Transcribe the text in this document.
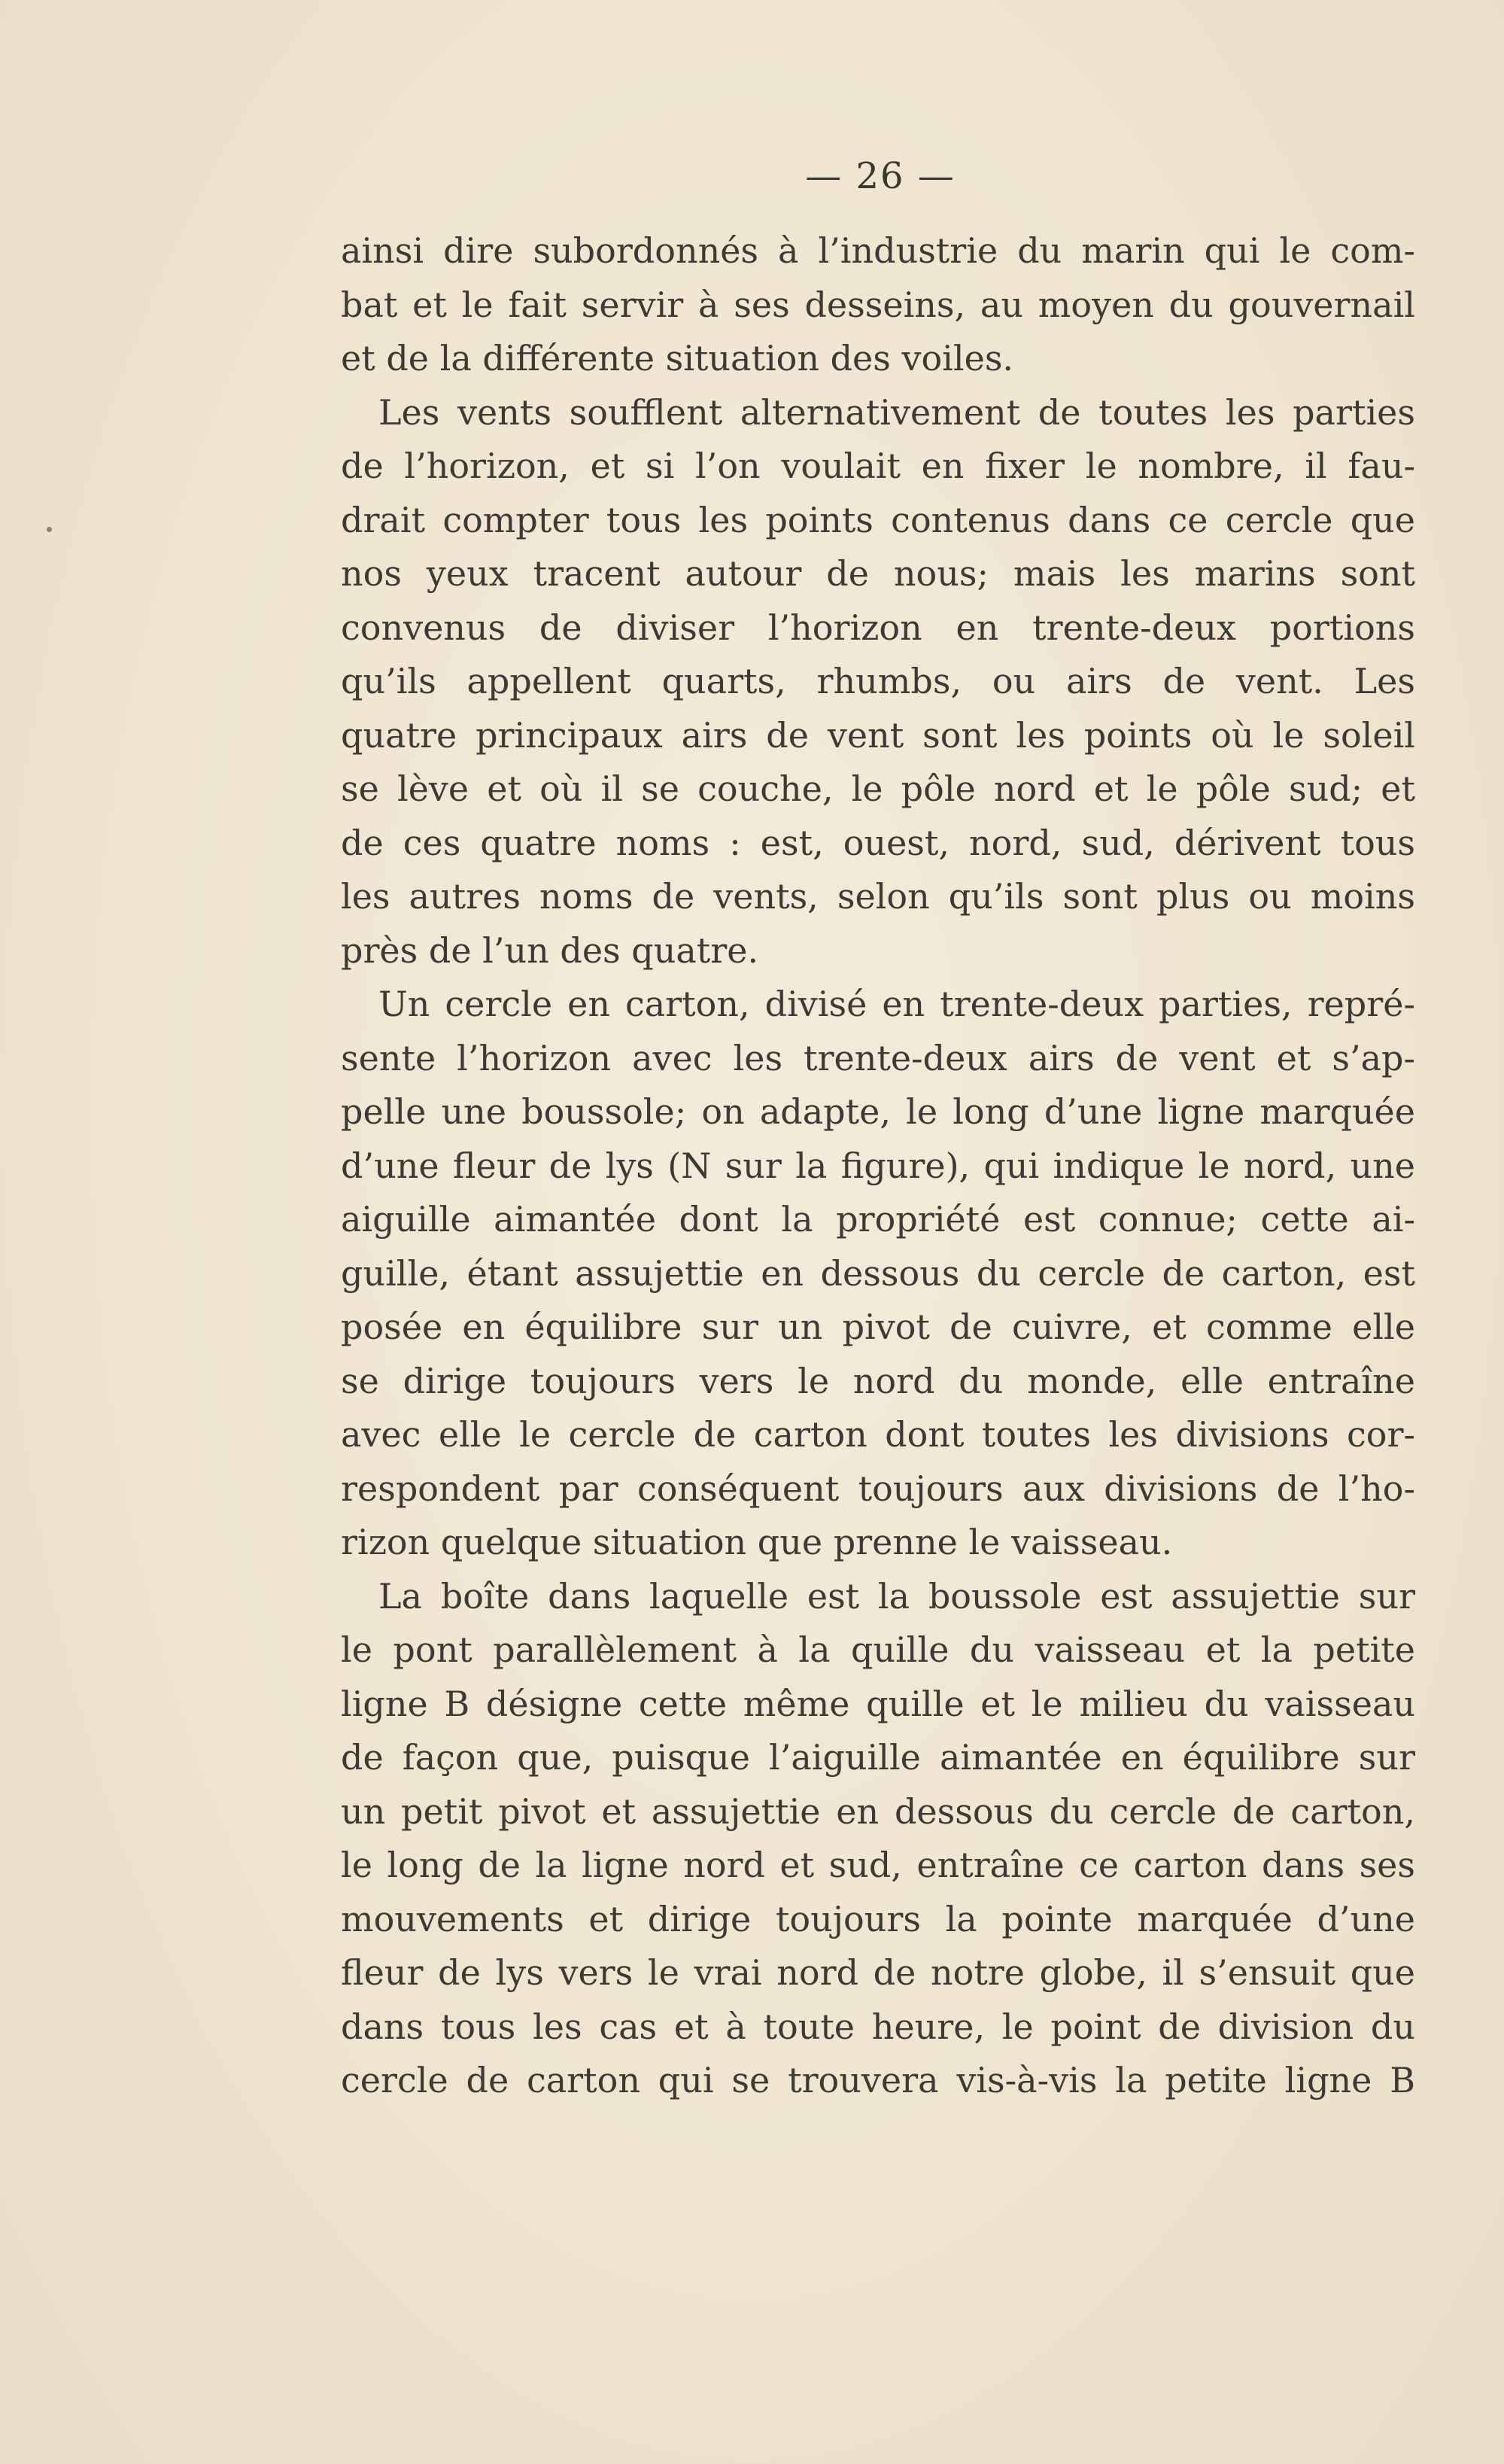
— 26 —
ainsi dire subordonnés à l’industrie du marin qui le com-
bat et le fait servir à ses desseins, au moyen du gouvernail
et de la différente situation des voiles.
Les vents soufflent alternativement de toutes les parties
de l’horizon, et si l’on voulait en fixer le nombre, il fau-
drait compter tous les points contenus dans ce cercle que
nos yeux tracent autour de nous; mais les marins sont
convenus de diviser l’horizon en trente-deux portions
qu’ils appellent quarts, rhumbs, ou airs de vent. Les
quatre principaux airs de vent sont les points où le soleil
se lève et où il se couche, le pôle nord et le pôle sud; et
de ces quatre noms : est, ouest, nord, sud, dérivent tous
les autres noms de vents, selon qu’ils sont plus ou moins
près de l’un des quatre.
Un cercle en carton, divisé en trente-deux parties, repré-
sente l’horizon avec les trente-deux airs de vent et s’ap-
pelle une boussole; on adapte, le long d’une ligne marquée
d’une fleur de lys (N sur la figure), qui indique le nord, une
aiguille aimantée dont la propriété est connue; cette ai-
guille, étant assujettie en dessous du cercle de carton, est
posée en équilibre sur un pivot de cuivre, et comme elle
se dirige toujours vers le nord du monde, elle entraîne
avec elle le cercle de carton dont toutes les divisions cor-
respondent par conséquent toujours aux divisions de l’ho-
rizon quelque situation que prenne le vaisseau.
La boîte dans laquelle est la boussole est assujettie sur
le pont parallèlement à la quille du vaisseau et la petite
ligne B désigne cette même quille et le milieu du vaisseau
de façon que, puisque l’aiguille aimantée en équilibre sur
un petit pivot et assujettie en dessous du cercle de carton,
le long de la ligne nord et sud, entraîne ce carton dans ses
mouvements et dirige toujours la pointe marquée d’une
fleur de lys vers le vrai nord de notre globe, il s’ensuit que
dans tous les cas et à toute heure, le point de division du
cercle de carton qui se trouvera vis-à-vis la petite ligne B
